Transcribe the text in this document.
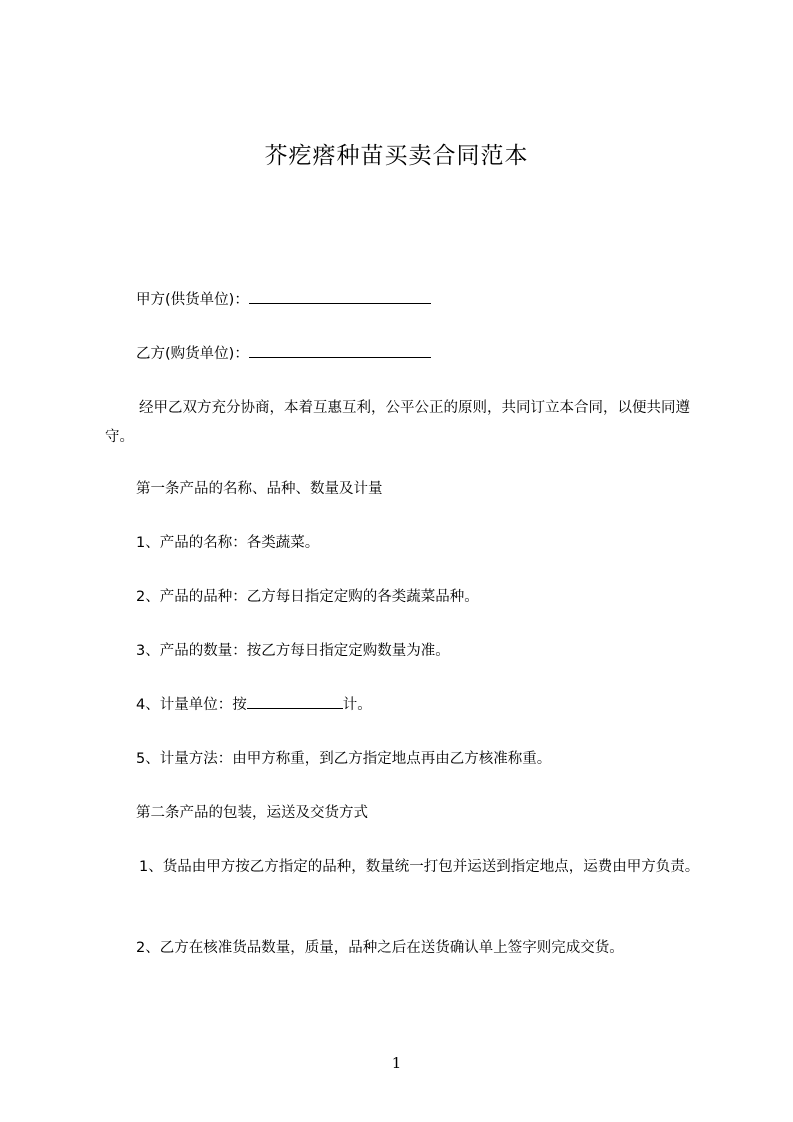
芥疙瘩种苗买卖合同范本
甲方(供货单位)：
乙方(购货单位)：
经甲乙双方充分协商，本着互惠互利，公平公正的原则，共同订立本合同，以便共同遵守。
第一条产品的名称、品种、数量及计量
1、产品的名称：各类蔬菜。
2、产品的品种：乙方每日指定定购的各类蔬菜品种。
3、产品的数量：按乙方每日指定定购数量为准。
4、计量单位：按	计。
5、计量方法：由甲方称重，到乙方指定地点再由乙方核准称重。
第二条产品的包装，运送及交货方式
1、货品由甲方按乙方指定的品种，数量统一打包并运送到指定地点，运费由甲方负责。
2、乙方在核准货品数量，质量，品种之后在送货确认单上签字则完成交货。
1
